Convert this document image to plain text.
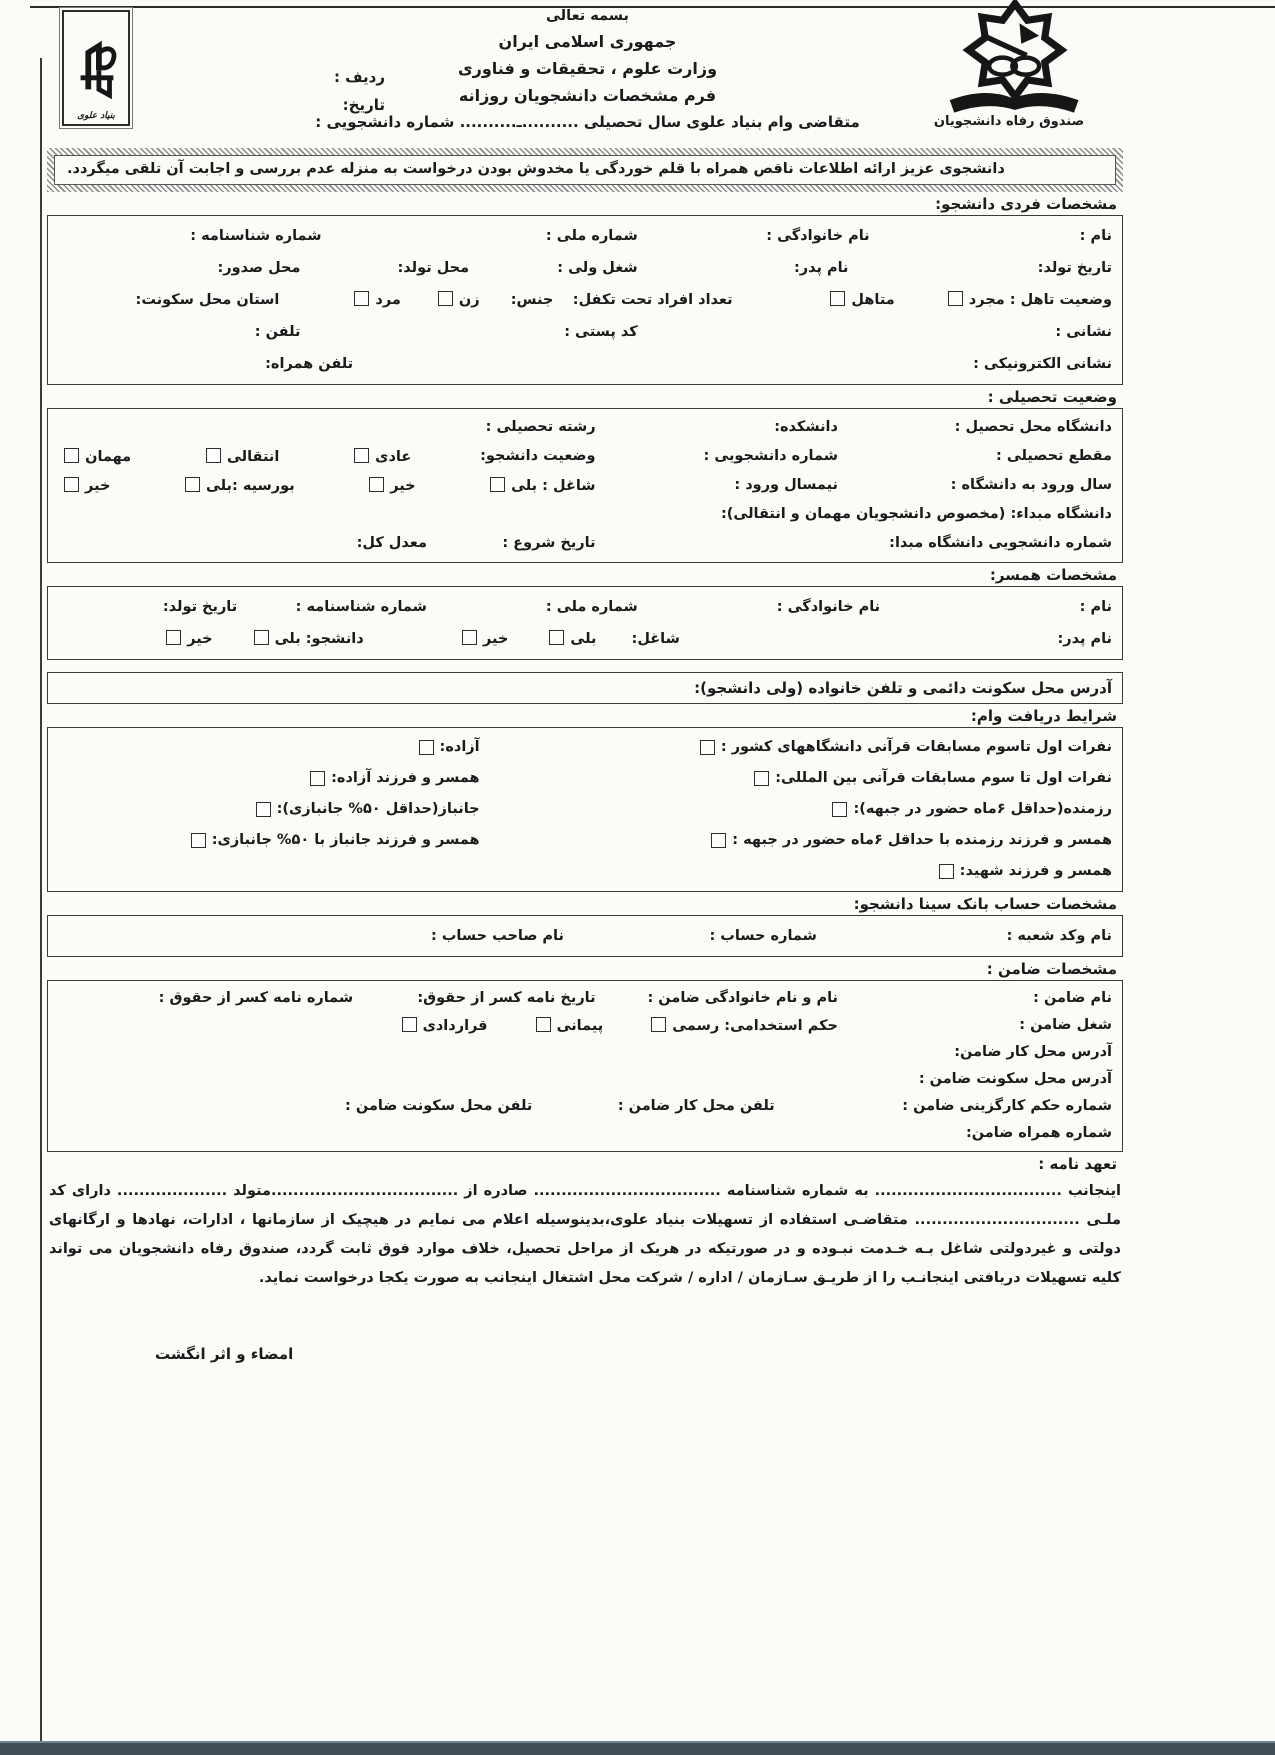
بنیاد علوی
بسمه تعالی
جمهوری اسلامی ایران
وزارت علوم ، تحقیقات و فناوری
فرم مشخصات دانشجویان روزانه
متقاضی وام بنیاد علوی سال تحصیلی ..........ـ.......... شماره دانشجویی :
ردیف :
تاریخ:
صندوق رفاه دانشجویان
دانشجوی عزیز ارائه اطلاعات ناقص همراه با قلم خوردگی یا مخدوش بودن درخواست به منزله عدم بررسی و اجابت آن تلقی میگردد.
مشخصات فردی دانشجو:
نام :
نام خانوادگی :
شماره ملی :
شماره شناسنامه :
تاریخ تولد:
نام پدر:
شغل ولی :
محل تولد:
محل صدور:
وضعیت تاهل : مجرد متاهل
تعداد افراد تحت تکفل:
جنس: زن مرد
استان محل سکونت:
نشانی :
کد پستی :
تلفن :
نشانی الکترونیکی :
تلفن همراه:
وضعیت تحصیلی :
دانشگاه محل تحصیل :
دانشکده:
رشته تحصیلی :
مقطع تحصیلی :
شماره دانشجویی :
وضعیت دانشجو:
عادی
انتقالی
مهمان
سال ورود به دانشگاه :
نیمسال ورود :
شاغل : بلی
خیر
بورسیه :بلی
خیر
دانشگاه مبداء: (مخصوص دانشجویان مهمان و انتقالی):
شماره دانشجویی دانشگاه مبدا:
تاریخ شروع :
معدل کل:
مشخصات همسر:
نام :
نام خانوادگی :
شماره ملی :
شماره شناسنامه :
تاریخ تولد:
نام پدر:
شاغل: بلی خیر
دانشجو: بلی خیر
آدرس محل سکونت دائمی و تلفن خانواده (ولی دانشجو):
شرایط دریافت وام:
نفرات اول تاسوم مسابقات قرآنی دانشگاههای کشور :
نفرات اول تا سوم مسابقات قرآنی بین المللی:
رزمنده(حداقل ۶ماه حضور در جبهه):
همسر و فرزند رزمنده با حداقل ۶ماه حضور در جبهه :
همسر و فرزند شهید:
آزاده:
همسر و فرزند آزاده:
جانباز(حداقل ۵۰% جانبازی):
همسر و فرزند جانباز با ۵۰% جانبازی:
مشخصات حساب بانک سینا دانشجو:
نام وکد شعبه :
شماره حساب :
نام صاحب حساب :
مشخصات ضامن :
نام ضامن :
نام و نام خانوادگی ضامن :
تاریخ نامه کسر از حقوق:
شماره نامه کسر از حقوق :
شغل ضامن :
حکم استخدامی: رسمی
پیمانی
قراردادی
آدرس محل کار ضامن:
آدرس محل سکونت ضامن :
شماره حکم کارگزینی ضامن :
تلفن محل کار ضامن :
تلفن محل سکونت ضامن :
شماره همراه ضامن:
تعهد نامه :
اینجانب .................................. به شماره شناسنامه .................................. صادره از ..................................متولد .................... دارای کد ملـی .............................. متقاضـی استفاده از تسهیلات بنیاد علوی،بدینوسیله اعلام می نمایم در هیچیک از سازمانها ، ادارات، نهادها و ارگانهای دولتی و غیردولتی شاغل بـه خـدمت نبـوده و در صورتیکه در هریک از مراحل تحصیل، خلاف موارد فوق ثابت گردد، صندوق رفاه دانشجویان می تواند کلیه تسهیلات دریافتی اینجانـب را از طریـق سـازمان / اداره / شرکت محل اشتغال اینجانب به صورت یکجا درخواست نماید.
امضاء و اثر انگشت
